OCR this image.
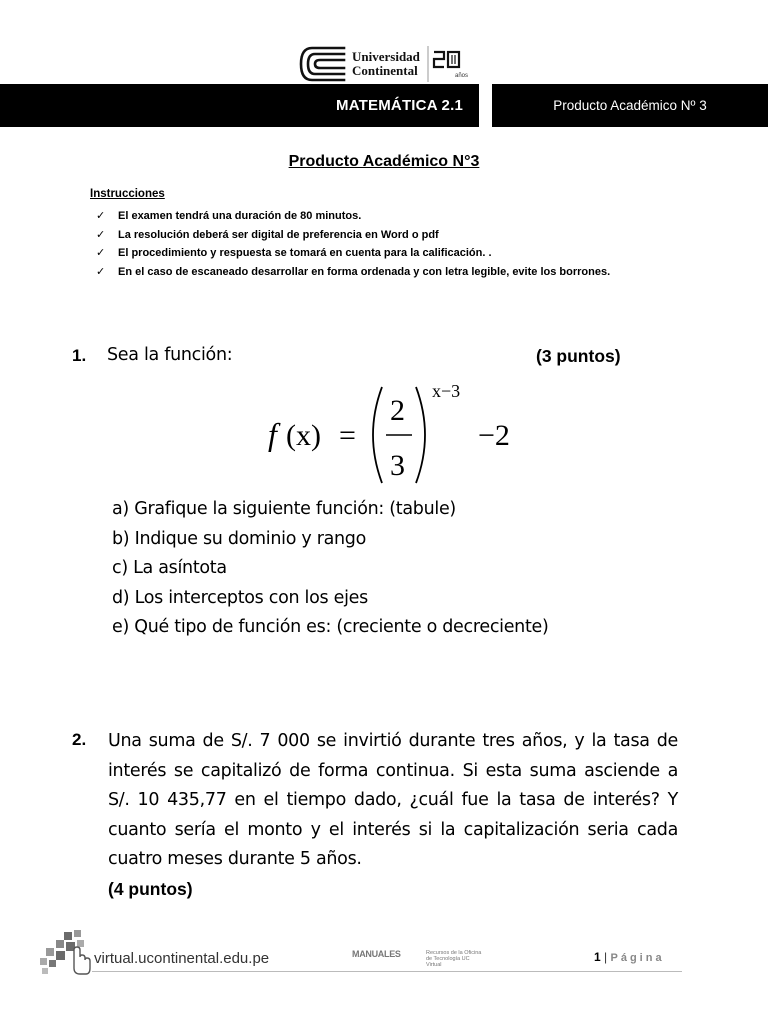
Universidad
Continental	años
MATEMÁTICA 2.1	Producto Académico Nº 3
Producto Académico N°3
Instrucciones
✓ El examen tendrá una duración de 80 minutos.
✓ La resolución deberá ser digital de preferencia en Word o pdf
✓ El procedimiento y respuesta se tomará en cuenta para la calificación. .
✓ En el caso de escaneado desarrollar en forma ordenada y con letra legible, evite los borrones.
1. Sea la función:	(3 puntos)
f (x) =
2
3
x−3
−2
a) Grafique la siguiente función: (tabule)
b) Indique su dominio y rango
c) La asíntota
d) Los interceptos con los ejes
e) Qué tipo de función es: (creciente o decreciente)
2. Una suma de S/. 7 000 se invirtió durante tres años, y la tasa de interés se capitalizó de forma continua. Si esta suma asciende a S/. 10 435,77 en el tiempo dado, ¿cuál fue la tasa de interés? Y cuanto sería el monto y el interés si la capitalización seria cada cuatro meses durante 5 años.
(4 puntos)
virtual.ucontinental.edu.pe	MANUALES	Recursos de la Oficina de Tecnología UC Virtual
1 | Página
